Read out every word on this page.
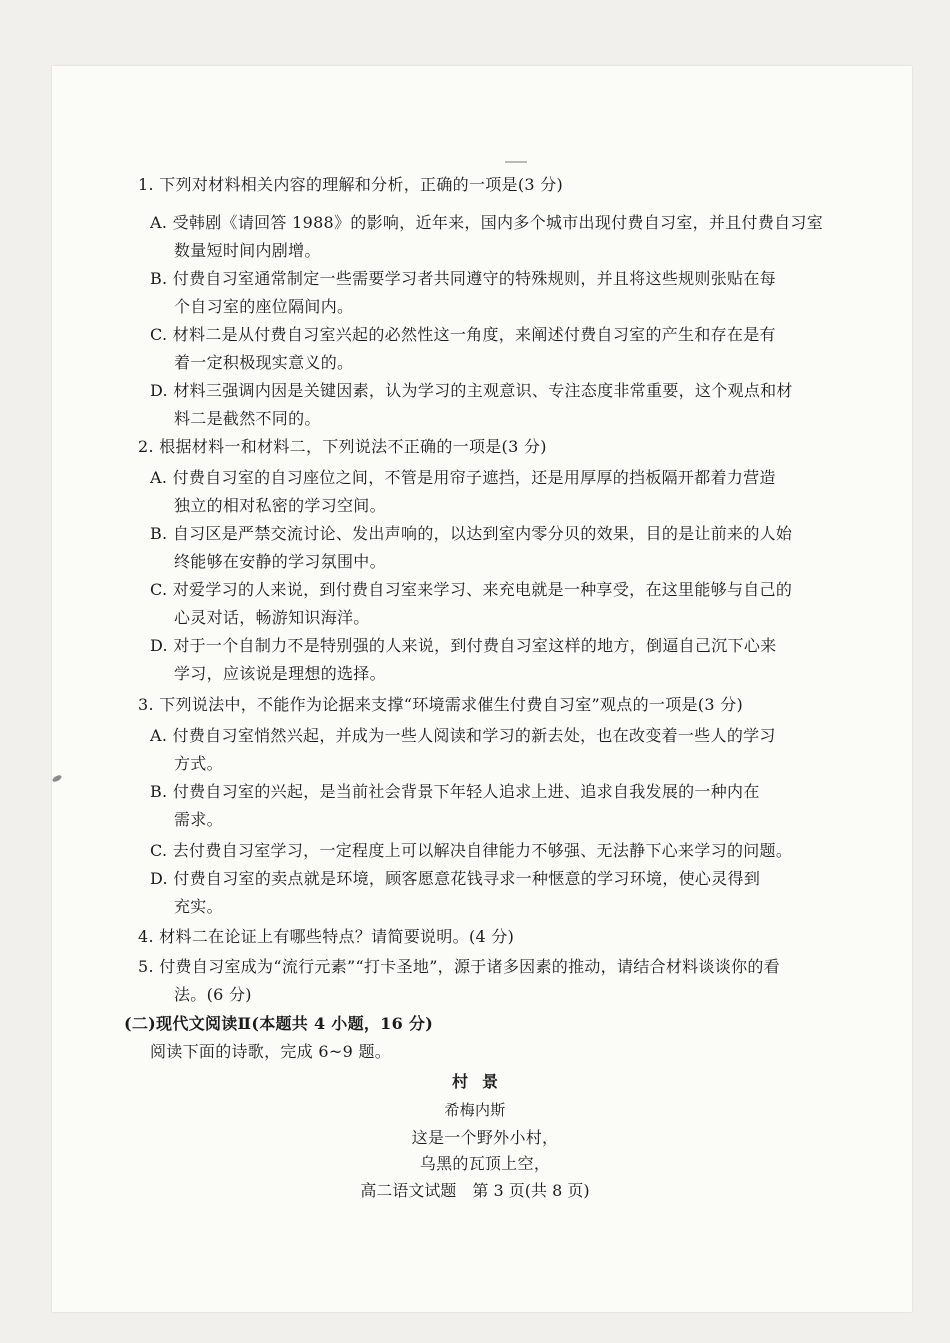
1. 下列对材料相关内容的理解和分析，正确的一项是(3 分)
A. 受韩剧《请回答 1988》的影响，近年来，国内多个城市出现付费自习室，并且付费自习室
数量短时间内剧增。
B. 付费自习室通常制定一些需要学习者共同遵守的特殊规则，并且将这些规则张贴在每
个自习室的座位隔间内。
C. 材料二是从付费自习室兴起的必然性这一角度，来阐述付费自习室的产生和存在是有
着一定积极现实意义的。
D. 材料三强调内因是关键因素，认为学习的主观意识、专注态度非常重要，这个观点和材
料二是截然不同的。
2. 根据材料一和材料二，下列说法不正确的一项是(3 分)
A. 付费自习室的自习座位之间，不管是用帘子遮挡，还是用厚厚的挡板隔开都着力营造
独立的相对私密的学习空间。
B. 自习区是严禁交流讨论、发出声响的，以达到室内零分贝的效果，目的是让前来的人始
终能够在安静的学习氛围中。
C. 对爱学习的人来说，到付费自习室来学习、来充电就是一种享受，在这里能够与自己的
心灵对话，畅游知识海洋。
D. 对于一个自制力不是特别强的人来说，到付费自习室这样的地方，倒逼自己沉下心来
学习，应该说是理想的选择。
3. 下列说法中，不能作为论据来支撑“环境需求催生付费自习室”观点的一项是(3 分)
A. 付费自习室悄然兴起，并成为一些人阅读和学习的新去处，也在改变着一些人的学习
方式。
B. 付费自习室的兴起，是当前社会背景下年轻人追求上进、追求自我发展的一种内在
需求。
C. 去付费自习室学习，一定程度上可以解决自律能力不够强、无法静下心来学习的问题。
D. 付费自习室的卖点就是环境，顾客愿意花钱寻求一种惬意的学习环境，使心灵得到
充实。
4. 材料二在论证上有哪些特点？请简要说明。(4 分)
5. 付费自习室成为“流行元素”“打卡圣地”，源于诸多因素的推动，请结合材料谈谈你的看
法。(6 分)
(二)现代文阅读Ⅱ(本题共 4 小题，16 分)
阅读下面的诗歌，完成 6~9 题。
村景
希梅内斯
这是一个野外小村，
乌黑的瓦顶上空，
高二语文试题　第 3 页(共 8 页)
